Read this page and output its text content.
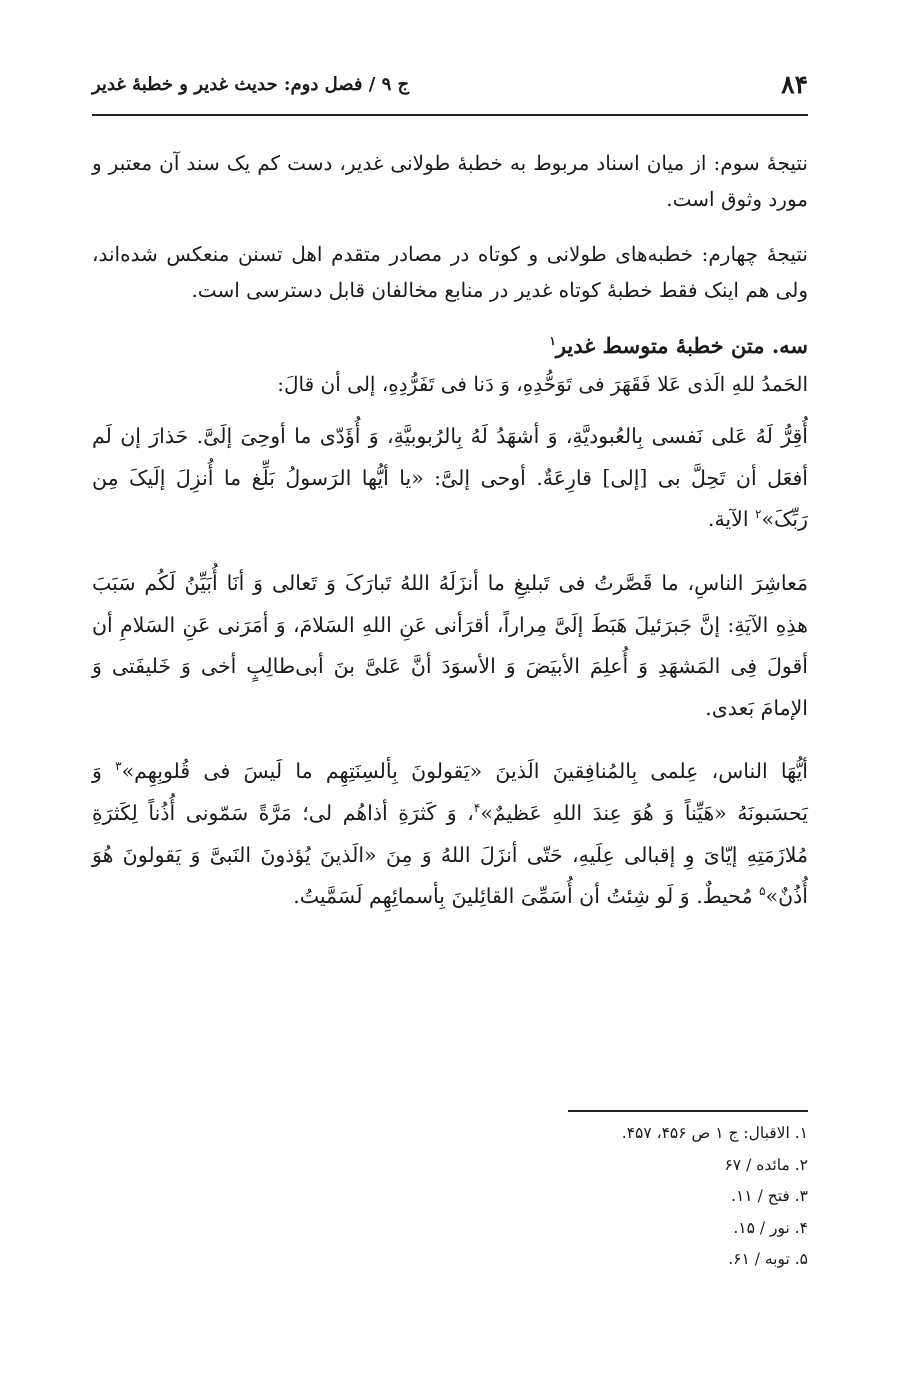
۸۴
ج ۹ / فصل دوم: حدیث غدیر و خطبهٔ غدیر

نتیجهٔ سوم: از میان اسناد مربوط به خطبهٔ طولانی غدیر، دست کم یک سند آن معتبر و مورد وثوق است.

نتیجهٔ چهارم: خطبه‌های طولانی و کوتاه در مصادر متقدم اهل تسنن منعکس شده‌اند، ولی هم اینک فقط خطبهٔ کوتاه غدیر در منابع مخالفان قابل دسترسی است.

سه. متن خطبهٔ متوسط غدیر$^۱$

الحَمدُ للهِ الَذی عَلا فَقَهَرَ فی تَوَحُّدِهِ، وَ دَنا فی تَفَرُّدِهِ، إلی أن قالَ:

أُقِرُّ لَهُ عَلی نَفسی بِالعُبودیَّةِ، وَ أشهَدُ لَهُ بِالرُبوبیَّةِ، وَ أُؤَدّی ما أوحِیَ إلَیَّ. حَذارَ إن لَم أفعَل أن تَحِلَّ بی [إلی] قارِعَةٌ. أوحی إلیَّ: «یا أیُّها الرَسولُ بَلِّغ ما أُنزِلَ إلَیکَ مِن رَبِّکَ»$^۲$ الآیة.

مَعاشِرَ الناسِ، ما قَصَّرتُ فی تَبلیغِ ما أنزَلَهُ اللهُ تَبارَکَ وَ تَعالی وَ أنَا أُبَیِّنُ لَکُم سَبَبَ هذِهِ الآیَةِ: إنَّ جَبرَئیلَ هَبَطَ إلَیَّ مِراراً، أقرَأنی عَنِ اللهِ السَلامَ، وَ أمَرَنی عَنِ السَلامِ أن أقولَ فِی المَشهَدِ وَ أُعلِمَ الأبیَضَ وَ الأسوَدَ أنَّ عَلیَّ بنَ أبی‌طالِبٍ أخی وَ خَلیفَتی وَ الإمامَ بَعدی.

أیُّهَا الناس، عِلمی بِالمُنافِقینَ الَذینَ «یَقولونَ بِألسِنَتِهِم ما لَیسَ فی قُلوبِهِم»$^۳$ وَ یَحسَبونَهُ «هَیِّناً وَ هُوَ عِندَ اللهِ عَظیمٌ»$^۴$، وَ کَثرَةِ أذاهُم لی؛ مَرَّةً سَمّونی أُذُناً لِکَثرَةِ مُلازَمَتِهِ إیّایَ وِ إقبالی عِلَیهِ، حَتّی أنزَلَ اللهُ وَ مِنَ «الَذینَ یُؤذونَ النَبیَّ وَ یَقولونَ هُوَ أُذُنٌ»$^۵$ مُحیطٌ. وَ لَو شِئتُ أن أُسَمِّیَ القائِلینَ بِأسمائِهِم لَسَمَّیتُ.

۱. الاقبال: ج ۱ ص ۴۵۶، ۴۵۷.

۲. مائده / ۶۷

۳. فتح / ۱۱.

۴. نور / ۱۵.

۵. توبه / ۶۱.
